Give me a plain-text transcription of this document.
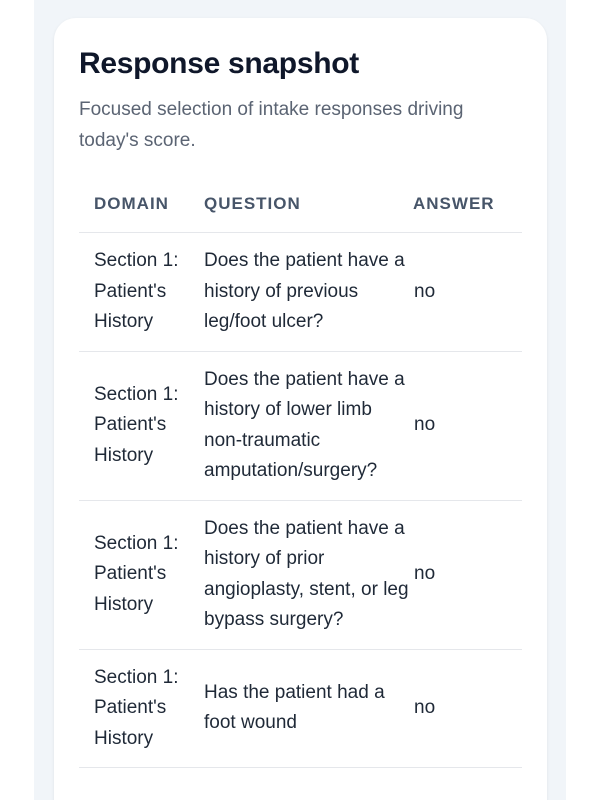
Response snapshot

Focused selection of intake responses driving today's score.

DOMAIN	QUESTION	ANSWER
Section 1: Patient's History	Does the patient have a history of previous leg/foot ulcer?	no
Section 1: Patient's History	Does the patient have a history of lower limb non-traumatic amputation/surgery?	no
Section 1: Patient's History	Does the patient have a history of prior angioplasty, stent, or leg bypass surgery?	no
Section 1: Patient's History	Has the patient had a foot wound	no
